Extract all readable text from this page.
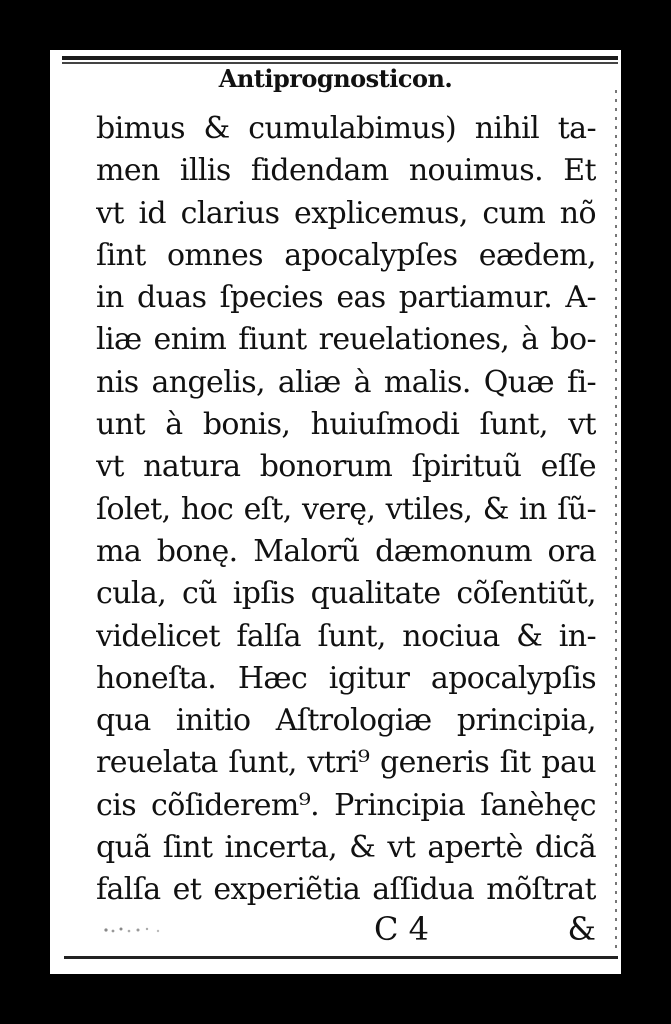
Antiprognosticon.
bimus & cumulabimus) nihil ta-
men illis fidendam nouimus. Et
vt id clarius explicemus, cum nõ
ſint omnes apocalypſes eædem,
in duas ſpecies eas partiamur. A-
liæ enim fiunt reuelationes, à bo-
nis angelis, aliæ à malis. Quæ fi-
unt à bonis, huiuſmodi ſunt, vt
vt natura bonorum ſpirituũ eſſe
ſolet, hoc eſt, verę, vtiles, & in ſũ-
ma bonę. Malorũ dæmonum ora
cula, cũ ipſis qualitate cõſentiũt,
videlicet falſa ſunt, nociua & in-
honeſta. Hæc igitur apocalypſis
qua initio Aſtrologiæ principia,
reuelata ſunt, vtri⁹ generis ſit pau
cis cõſiderem⁹. Principia ſanèhęc
quã ſint incerta, & vt apertè dicã
falſa et experiẽtia aſſidua mõſtrat
C 4	&
